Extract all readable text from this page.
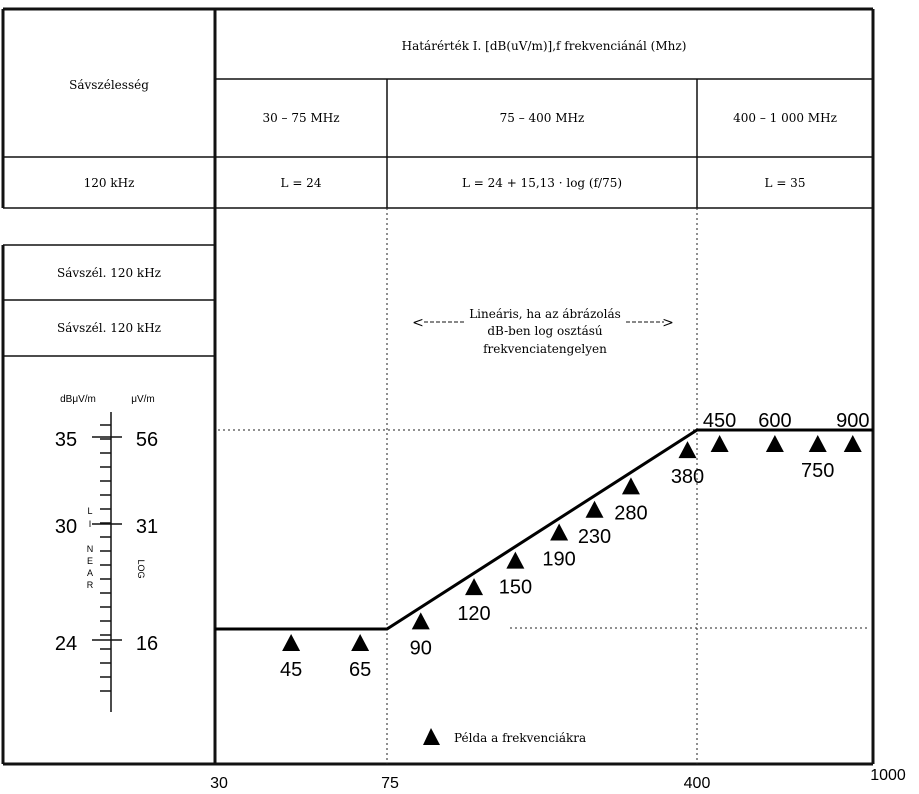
Sávszélesség
Határérték I. [dB(uV/m)],f frekvenciánál (Mhz)
30 – 75 MHz	75 – 400 MHz	400 – 1 000 MHz
120 kHz	L = 24	L = 24 + 15,13 · log (f/75)	L = 35
Sávszél. 120 kHz
Sávszél. 120 kHz
dBμV/m	μV/m
35
30
24
56
31
16
L
I
N
E
A
R
LOG
<	>
Lineáris, ha az ábrázolás
dB-ben log osztású
frekvenciatengelyen
45 65
90
120
150
190
230
280
380
450 600
750
900
Példa a frekvenciákra
30	75	400	1000
